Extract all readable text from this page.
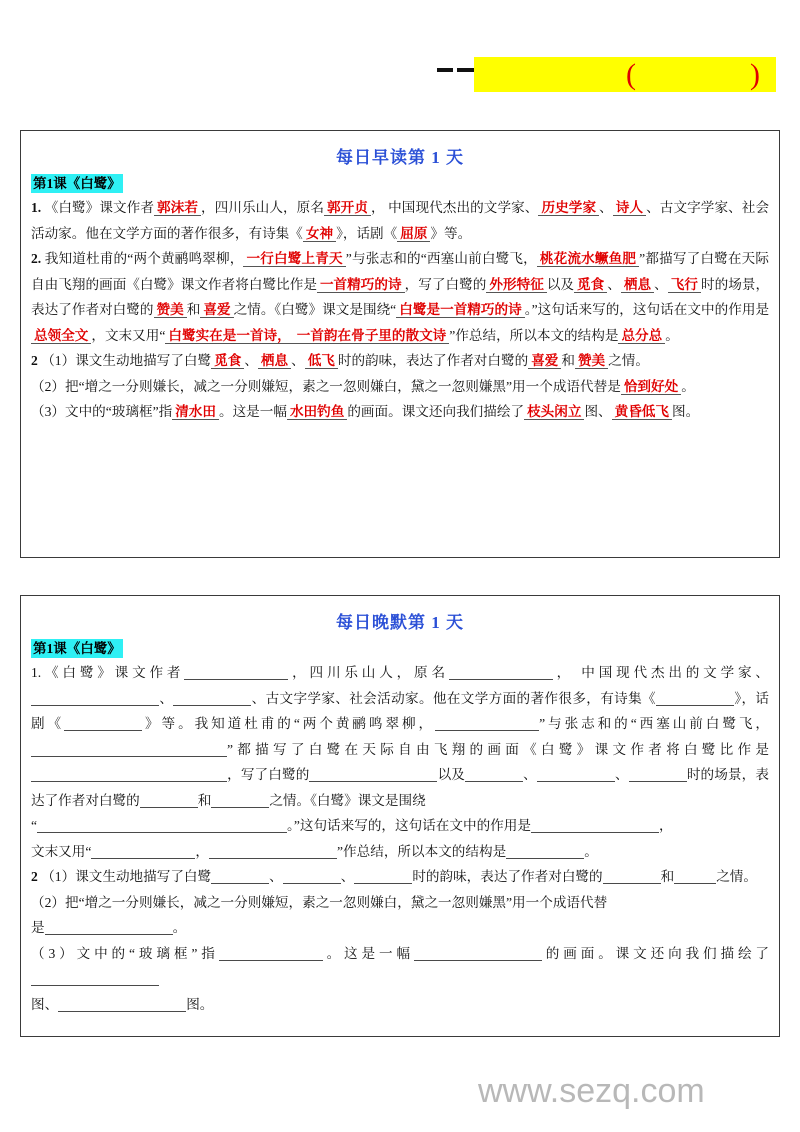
(	)
每日早读第 1 天
第1课《白鹭》

1. 《白鹭》课文作者 郭沫若 ，四川乐山人，原名 郭开贞 ， 中国现代杰出的文学家、 历史学家 、 诗人 、古文字学家、社会活动家。他在文学方面的著作很多，有诗集《 女神 》，话剧《 屈原 》等。

2. 我知道杜甫的“两个黄鹂鸣翠柳， 一行白鹭上青天 ”与张志和的“西塞山前白鹭飞， 桃花流水鳜鱼肥 ”都描写了白鹭在天际自由飞翔的画面《白鹭》课文作者将白鹭比作是 一首精巧的诗 ，写了白鹭的 外形特征 以及 觅食 、 栖息 、 飞行 时的场景，表达了作者对白鹭的 赞美 和 喜爱 之情。《白鹭》课文是围绕“ 白鹭是一首精巧的诗 。”这句话来写的，这句话在文中的作用是总领全文 ，文末又用“ 白鹭实在是一首诗， 一首韵在骨子里的散文诗 ”作总结，所以本文的结构是 总分总 。

2 （1）课文生动地描写了白鹭 觅食 、 栖息 、 低飞 时的韵味，表达了作者对白鹭的 喜爱 和 赞美 之情。

（2）把“增之一分则嫌长，减之一分则嫌短，素之一忽则嫌白，黛之一忽则嫌黑”用一个成语代替是 恰到好处 。

（3）文中的“玻璃框”指 清水田 。这是一幅 水田钓鱼 的画面。课文还向我们描绘了 枝头闲立 图、 黄昏低飞 图。

每日晚默第 1 天
第1课《白鹭》

1.《白鹭》课文作者	，四川乐山人，原名	， 中国现代杰出的文学家、、	、古文字学家、社会活动家。他在文学方面的著作很多，有诗集《	》，话剧《	》等。我知道杜甫的“两个黄鹂鸣翠柳，	”与张志和的“西塞山前白鹭飞，”都描写了白鹭在天际自由飞翔的画面《白鹭》课文作者将白鹭比作是，写了白鹭的	以及	、	、	时的场景，表达了作者对白鹭的	和	之情。《白鹭》课文是围绕

“	。”这句话来写的，这句话在文中的作用是	，

文末又用“	，	”作总结，所以本文的结构是	。

2 （1）课文生动地描写了白鹭	、	、	时的韵味，表达了作者对白鹭的	和	之情。

（2）把“增之一分则嫌长，减之一分则嫌短，素之一忽则嫌白，黛之一忽则嫌黑”用一个成语代替

是	。

（3）文中的“玻璃框”指	。这是一幅	的画面。课文还向我们描绘了

图、	图。

www.sezq.com
